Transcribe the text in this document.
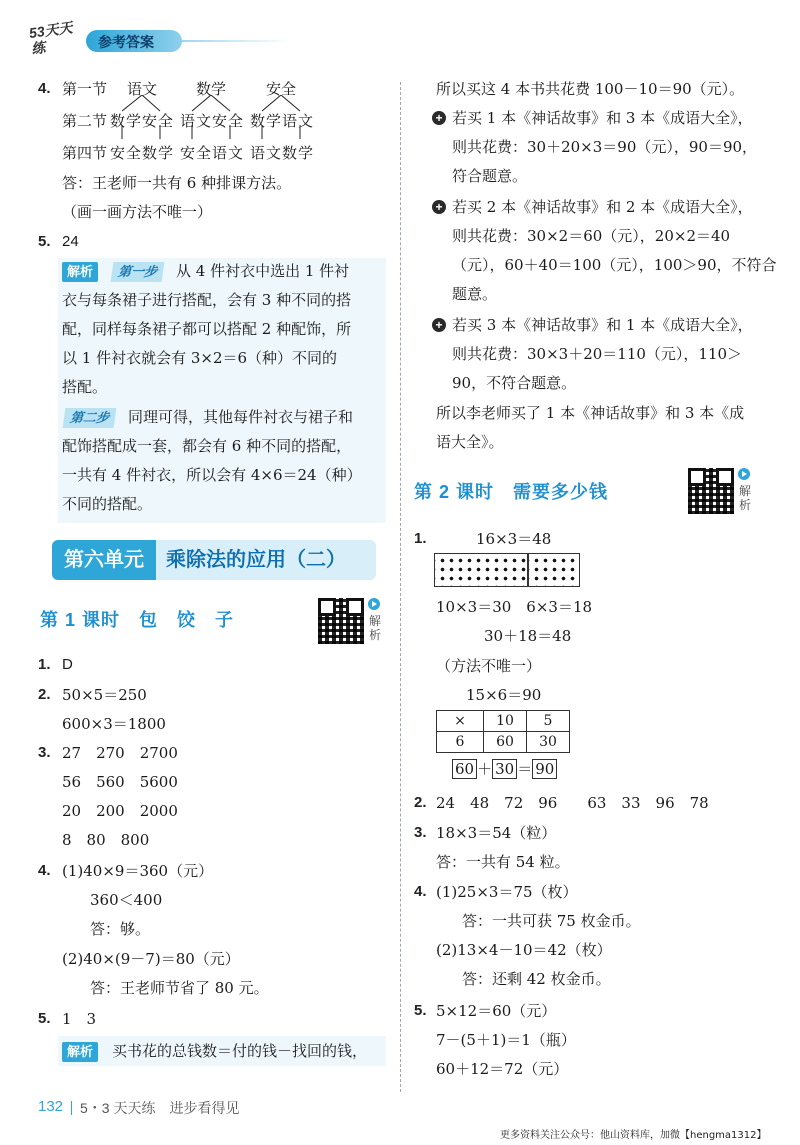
53天天练	参考答案
4. 第一节 语文	数学	安全
第二节 数学安全 语文安全 数学语文
第四节 安全数学 安全语文 语文数学
答：王老师一共有 6 种排课方法。
（画一画方法不唯一）
5. 24
解析	第一步	从 4 件衬衣中选出 1 件衬
衣与每条裙子进行搭配，会有 3 种不同的搭
配，同样每条裙子都可以搭配 2 种配饰，所
以 1 件衬衣就会有 3×2＝6（种）不同的
搭配。
第二步	同理可得，其他每件衬衣与裙子和
配饰搭配成一套，都会有 6 种不同的搭配，
一共有 4 件衬衣，所以会有 4×6＝24（种）
不同的搭配。
第六单元	乘除法的应用（二）
第 1 课时　包　饺　子	解析
1. D
2. 50×5＝250
600×3＝1800
3. 27　270　2700
56　560　5600
20　200　2000
8　80　800
4. (1)40×9＝360（元）
360＜400
答：够。
(2)40×(9－7)＝80（元）
答：王老师节省了 80 元。
5. 1　3
解析	买书花的总钱数＝付的钱－找回的钱，
所以买这 4 本书共花费 100－10＝90（元）。
+ 若买 1 本《神话故事》和 3 本《成语大全》，
则共花费：30＋20×3＝90（元），90＝90，
符合题意。
+ 若买 2 本《神话故事》和 2 本《成语大全》，
则共花费：30×2＝60（元），20×2＝40
（元），60＋40＝100（元），100＞90，不符合
题意。
+ 若买 3 本《神话故事》和 1 本《成语大全》，
则共花费：30×3＋20＝110（元），110＞
90，不符合题意。
所以李老师买了 1 本《神话故事》和 3 本《成
语大全》。
第 2 课时　需要多少钱	解析
1.	16×3＝48
10×3＝30　6×3＝18
30＋18＝48
（方法不唯一）
15×6＝90
×	10	5
6	60	30
60 ＋ 30 ＝ 90
2. 24　48　72　96　　63　33　96　78
3. 18×3＝54（粒）
答：一共有 54 粒。
4. (1)25×3＝75（枚）
答：一共可获 75 枚金币。
(2)13×4－10＝42（枚）
答：还剩 42 枚金币。
5. 5×12＝60（元）
7－(5＋1)＝1（瓶）
60＋12＝72（元）
132 5・3 天天练　进步看得见
更多资料关注公众号：他山资料库，加微【hengma1312】
